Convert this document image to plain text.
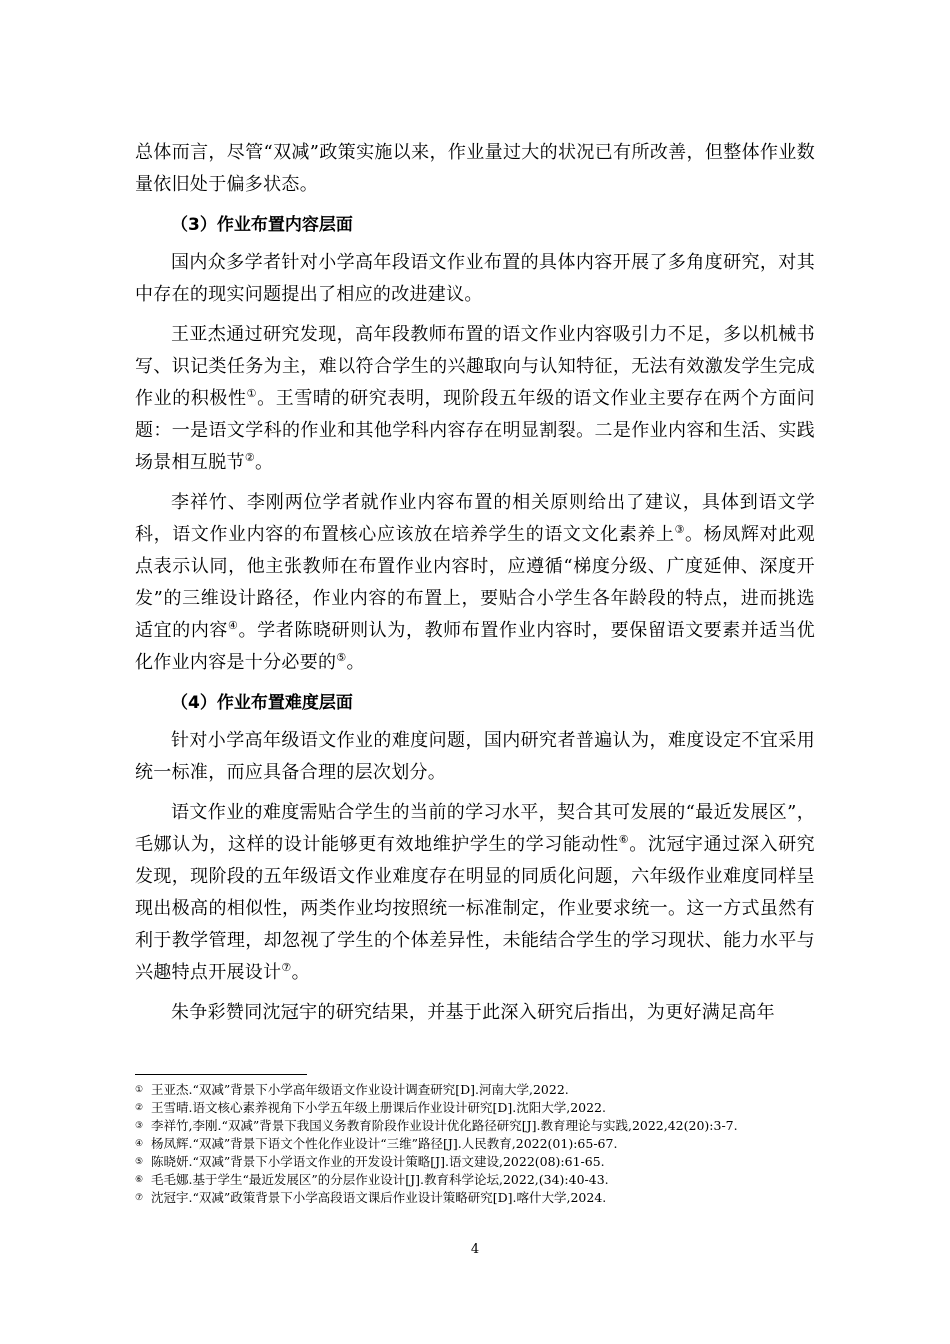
总体而言，尽管“双减”政策实施以来，作业量过大的状况已有所改善，但整体作业数量依旧处于偏多状态。

（3）作业布置内容层面

国内众多学者针对小学高年段语文作业布置的具体内容开展了多角度研究，对其中存在的现实问题提出了相应的改进建议。

王亚杰通过研究发现，高年段教师布置的语文作业内容吸引力不足，多以机械书写、识记类任务为主，难以符合学生的兴趣取向与认知特征，无法有效激发学生完成作业的积极性①。王雪晴的研究表明，现阶段五年级的语文作业主要存在两个方面问题：一是语文学科的作业和其他学科内容存在明显割裂。二是作业内容和生活、实践场景相互脱节②。

李祥竹、李刚两位学者就作业内容布置的相关原则给出了建议，具体到语文学科，语文作业内容的布置核心应该放在培养学生的语文文化素养上③。杨凤辉对此观点表示认同，他主张教师在布置作业内容时，应遵循“梯度分级、广度延伸、深度开发”的三维设计路径，作业内容的布置上，要贴合小学生各年龄段的特点，进而挑选适宜的内容④。学者陈晓研则认为，教师布置作业内容时，要保留语文要素并适当优化作业内容是十分必要的⑤。

（4）作业布置难度层面

针对小学高年级语文作业的难度问题，国内研究者普遍认为，难度设定不宜采用统一标准，而应具备合理的层次划分。

语文作业的难度需贴合学生的当前的学习水平，契合其可发展的“最近发展区”，毛娜认为，这样的设计能够更有效地维护学生的学习能动性⑥。沈冠宇通过深入研究发现，现阶段的五年级语文作业难度存在明显的同质化问题，六年级作业难度同样呈现出极高的相似性，两类作业均按照统一标准制定，作业要求统一。这一方式虽然有利于教学管理，却忽视了学生的个体差异性，未能结合学生的学习现状、能力水平与兴趣特点开展设计⑦。

朱争彩赞同沈冠宇的研究结果，并基于此深入研究后指出，为更好满足高年

① 王亚杰.“双减”背景下小学高年级语文作业设计调查研究[D].河南大学,2022.

② 王雪晴.语文核心素养视角下小学五年级上册课后作业设计研究[D].沈阳大学,2022.

③ 李祥竹,李刚.“双减”背景下我国义务教育阶段作业设计优化路径研究[J].教育理论与实践,2022,42(20):3-7.

④ 杨凤辉.“双减”背景下语文个性化作业设计“三维”路径[J].人民教育,2022(01):65-67.

⑤ 陈晓妍.“双减”背景下小学语文作业的开发设计策略[J].语文建设,2022(08):61-65.

⑥ 毛毛娜.基于学生“最近发展区”的分层作业设计[J].教育科学论坛,2022,(34):40-43.

⑦ 沈冠宇.“双减”政策背景下小学高段语文课后作业设计策略研究[D].喀什大学,2024.

4
